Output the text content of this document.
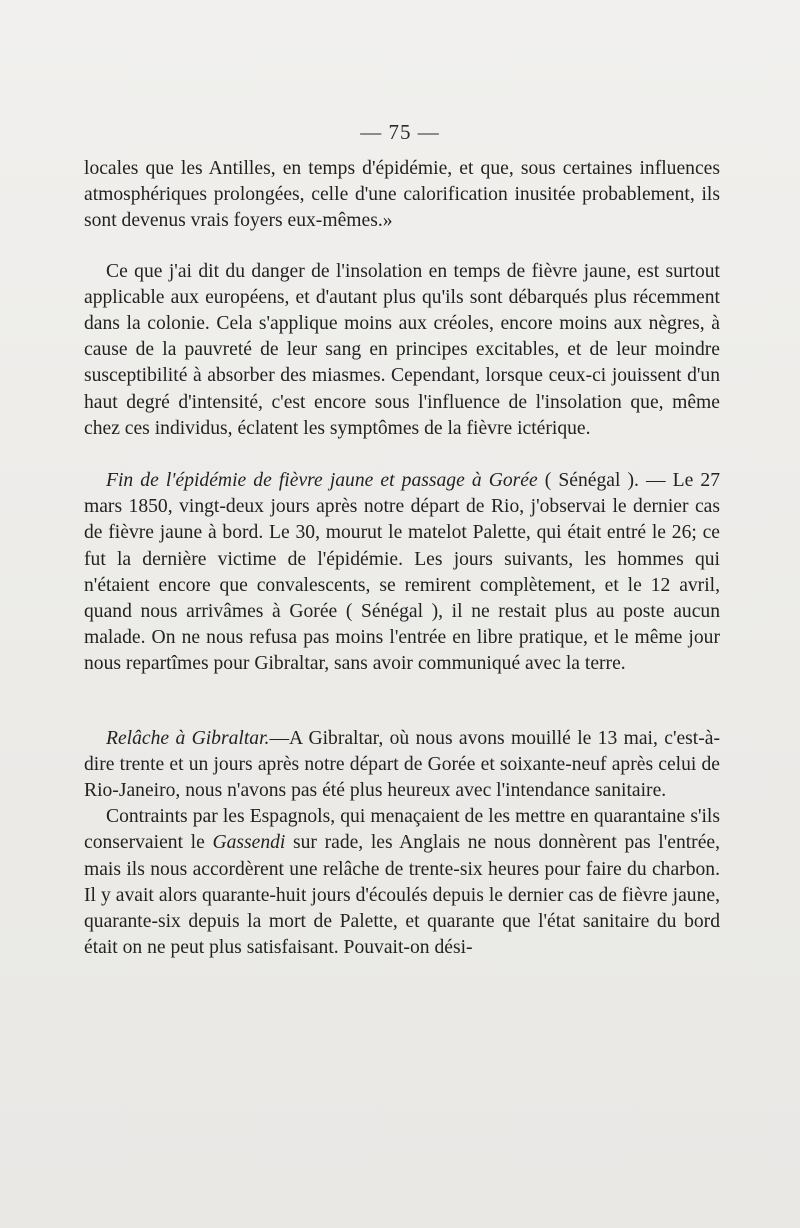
— 75 —

locales que les Antilles, en temps d'épidémie, et que, sous certaines influences atmosphériques prolongées, celle d'une calorification inusitée probablement, ils sont devenus vrais foyers eux-mêmes.»

Ce que j'ai dit du danger de l'insolation en temps de fièvre jaune, est surtout applicable aux européens, et d'autant plus qu'ils sont débarqués plus récemment dans la colonie. Cela s'applique moins aux créoles, encore moins aux nègres, à cause de la pauvreté de leur sang en principes excitables, et de leur moindre susceptibilité à absorber des miasmes. Cependant, lorsque ceux-ci jouissent d'un haut degré d'intensité, c'est encore sous l'influence de l'insolation que, même chez ces individus, éclatent les symptômes de la fièvre ictérique.

Fin de l'épidémie de fièvre jaune et passage à Gorée ( Sénégal ). — Le 27 mars 1850, vingt-deux jours après notre départ de Rio, j'observai le dernier cas de fièvre jaune à bord. Le 30, mourut le matelot Palette, qui était entré le 26; ce fut la dernière victime de l'épidémie. Les jours suivants, les hommes qui n'étaient encore que convalescents, se remirent complètement, et le 12 avril, quand nous arrivâmes à Gorée ( Sénégal ), il ne restait plus au poste aucun malade. On ne nous refusa pas moins l'entrée en libre pratique, et le même jour nous repartîmes pour Gibraltar, sans avoir communiqué avec la terre.

Relâche à Gibraltar.—A Gibraltar, où nous avons mouillé le 13 mai, c'est-à-dire trente et un jours après notre départ de Gorée et soixante-neuf après celui de Rio-Janeiro, nous n'avons pas été plus heureux avec l'intendance sanitaire.

Contraints par les Espagnols, qui menaçaient de les mettre en quarantaine s'ils conservaient le Gassendi sur rade, les Anglais ne nous donnèrent pas l'entrée, mais ils nous accordèrent une relâche de trente-six heures pour faire du charbon. Il y avait alors quarante-huit jours d'écoulés depuis le dernier cas de fièvre jaune, quarante-six depuis la mort de Palette, et quarante que l'état sanitaire du bord était on ne peut plus satisfaisant. Pouvait-on dési-
